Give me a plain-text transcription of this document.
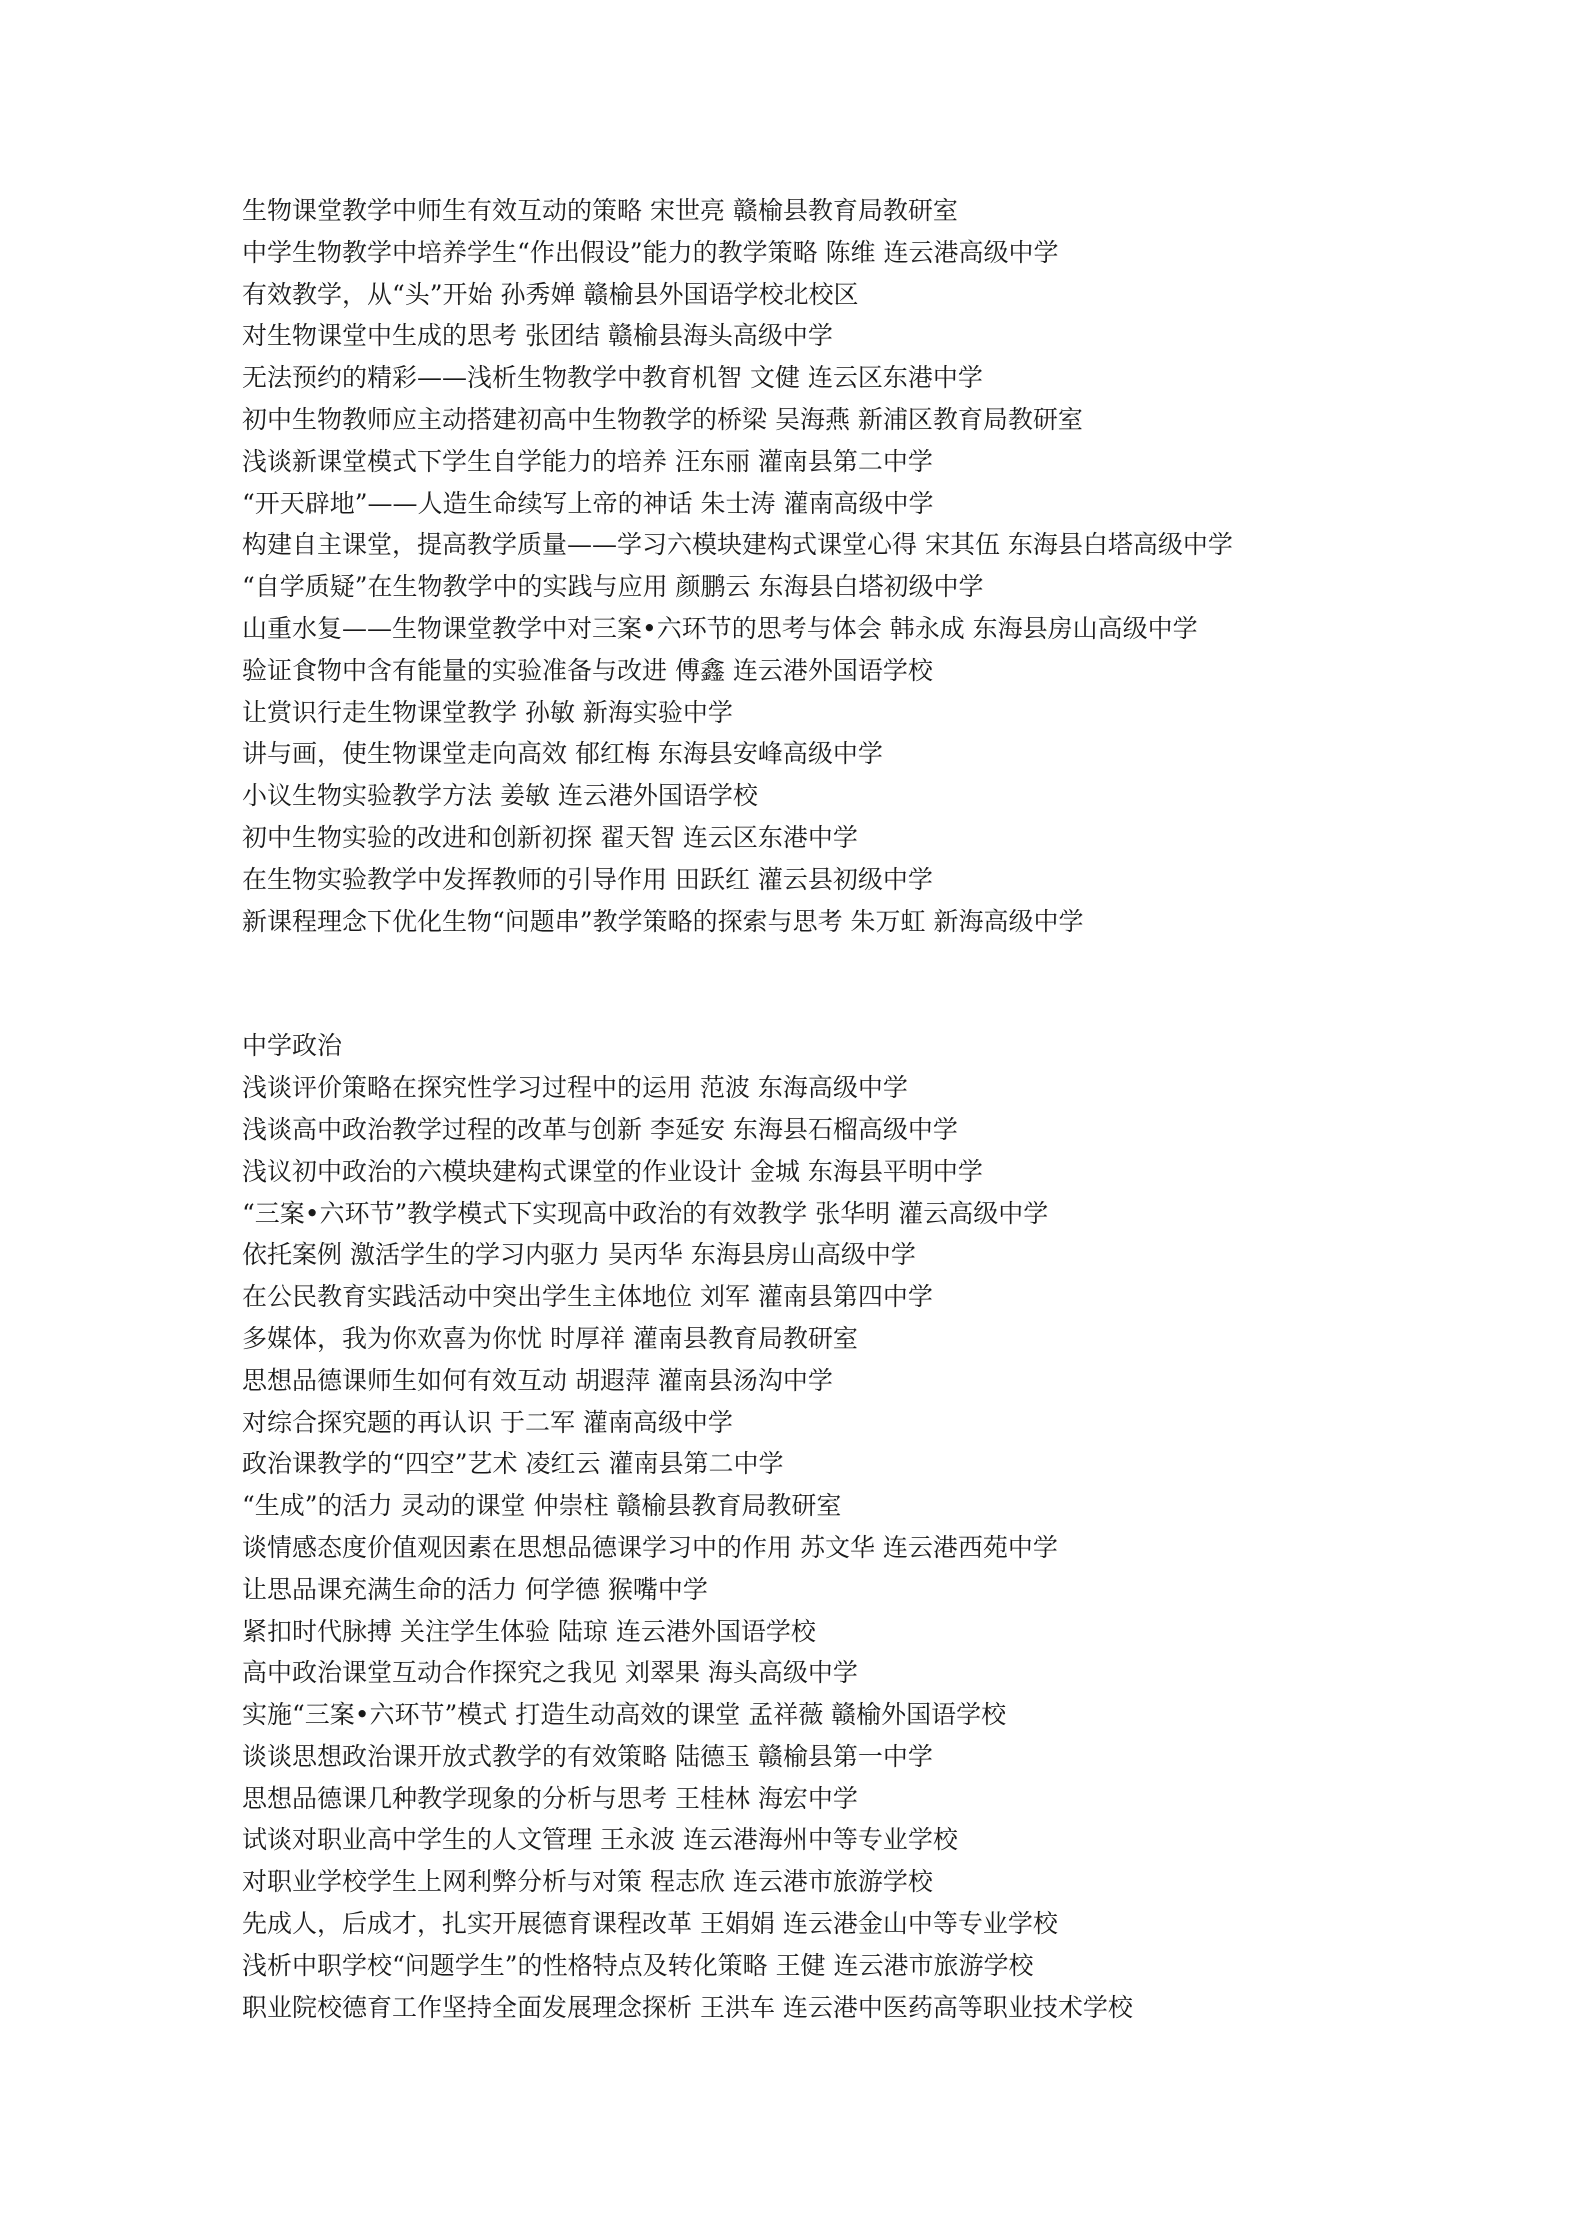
生物课堂教学中师生有效互动的策略 宋世亮 赣榆县教育局教研室
中学生物教学中培养学生“作出假设”能力的教学策略 陈维 连云港高级中学
有效教学，从“头”开始 孙秀婵 赣榆县外国语学校北校区
对生物课堂中生成的思考 张团结 赣榆县海头高级中学
无法预约的精彩——浅析生物教学中教育机智 文健 连云区东港中学
初中生物教师应主动搭建初高中生物教学的桥梁 吴海燕 新浦区教育局教研室
浅谈新课堂模式下学生自学能力的培养 汪东丽 灌南县第二中学
“开天辟地”——人造生命续写上帝的神话 朱士涛 灌南高级中学
构建自主课堂，提高教学质量——学习六模块建构式课堂心得 宋其伍 东海县白塔高级中学
“自学质疑”在生物教学中的实践与应用 颜鹏云 东海县白塔初级中学
山重水复——生物课堂教学中对三案•六环节的思考与体会 韩永成 东海县房山高级中学
验证食物中含有能量的实验准备与改进 傅鑫 连云港外国语学校
让赏识行走生物课堂教学 孙敏 新海实验中学
讲与画，使生物课堂走向高效 郁红梅 东海县安峰高级中学
小议生物实验教学方法 姜敏 连云港外国语学校
初中生物实验的改进和创新初探 翟天智 连云区东港中学
在生物实验教学中发挥教师的引导作用 田跃红 灌云县初级中学
新课程理念下优化生物“问题串”教学策略的探索与思考 朱万虹 新海高级中学
中学政治
浅谈评价策略在探究性学习过程中的运用 范波 东海高级中学
浅谈高中政治教学过程的改革与创新 李延安 东海县石榴高级中学
浅议初中政治的六模块建构式课堂的作业设计 金城 东海县平明中学
“三案•六环节”教学模式下实现高中政治的有效教学 张华明 灌云高级中学
依托案例 激活学生的学习内驱力 吴丙华 东海县房山高级中学
在公民教育实践活动中突出学生主体地位 刘军 灌南县第四中学
多媒体，我为你欢喜为你忧 时厚祥 灌南县教育局教研室
思想品德课师生如何有效互动 胡遐萍 灌南县汤沟中学
对综合探究题的再认识 于二军 灌南高级中学
政治课教学的“四空”艺术 凌红云 灌南县第二中学
“生成”的活力 灵动的课堂 仲崇柱 赣榆县教育局教研室
谈情感态度价值观因素在思想品德课学习中的作用 苏文华 连云港西苑中学
让思品课充满生命的活力 何学德 猴嘴中学
紧扣时代脉搏 关注学生体验 陆琼 连云港外国语学校
高中政治课堂互动合作探究之我见 刘翠果 海头高级中学
实施“三案•六环节”模式 打造生动高效的课堂 孟祥薇 赣榆外国语学校
谈谈思想政治课开放式教学的有效策略 陆德玉 赣榆县第一中学
思想品德课几种教学现象的分析与思考 王桂林 海宏中学
试谈对职业高中学生的人文管理 王永波 连云港海州中等专业学校
对职业学校学生上网利弊分析与对策 程志欣 连云港市旅游学校
先成人，后成才，扎实开展德育课程改革 王娟娟 连云港金山中等专业学校
浅析中职学校“问题学生”的性格特点及转化策略 王健 连云港市旅游学校
职业院校德育工作坚持全面发展理念探析 王洪车 连云港中医药高等职业技术学校
